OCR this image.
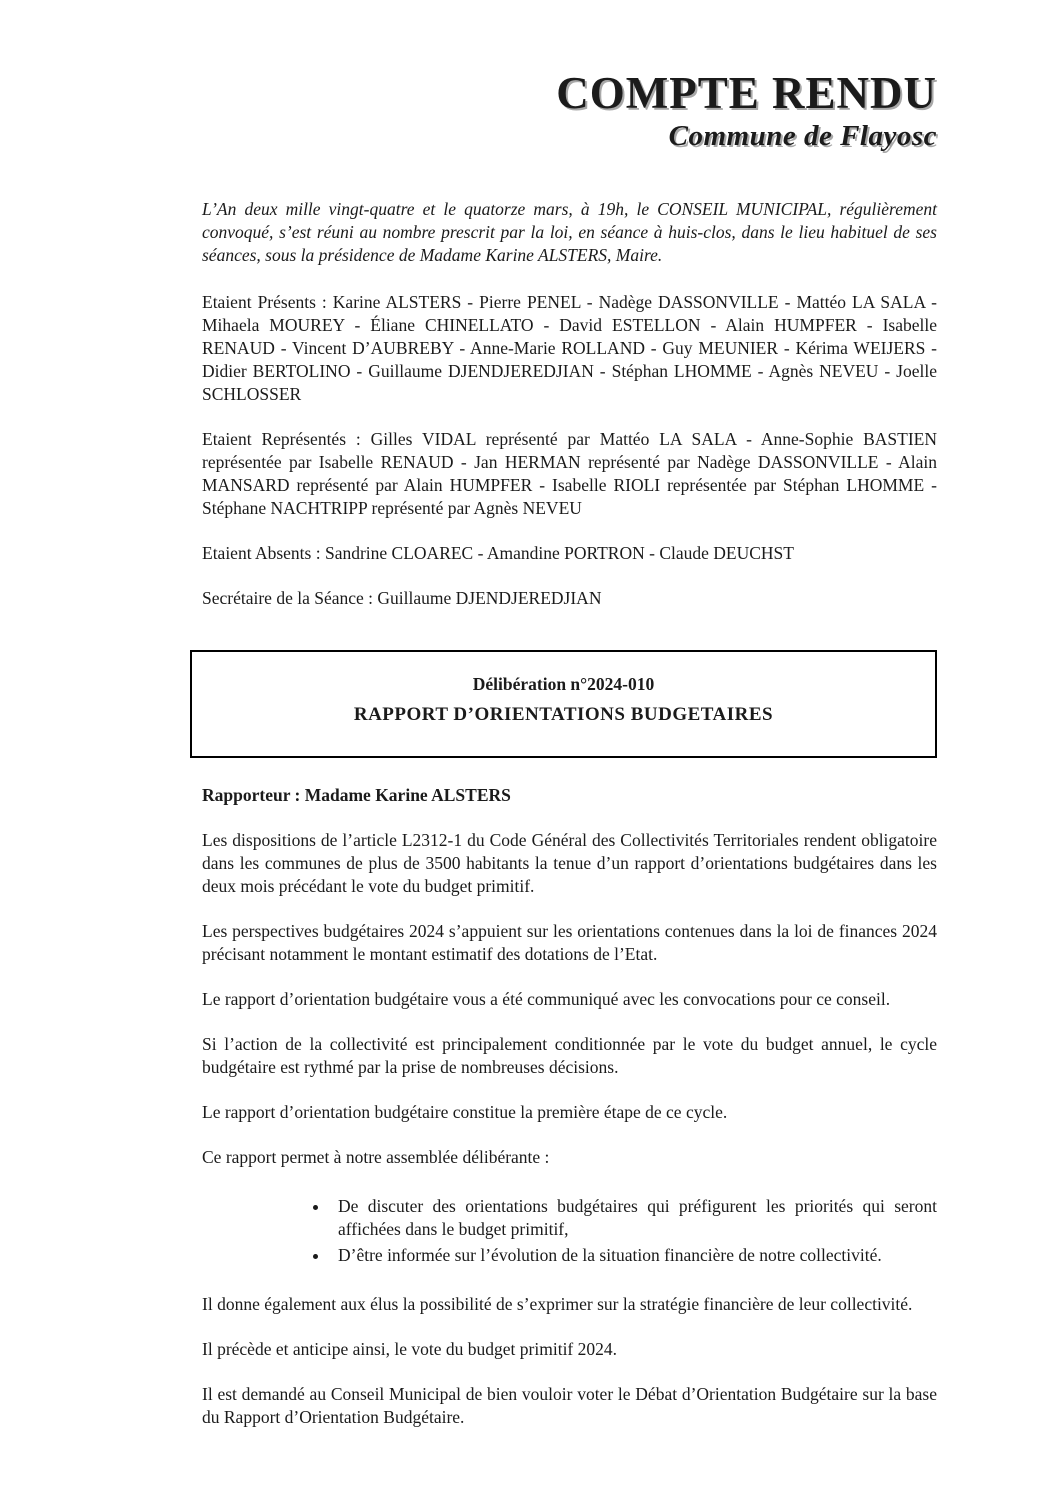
COMPTE RENDU
Commune de Flayosc

L’An deux mille vingt-quatre et le quatorze mars, à 19h, le CONSEIL MUNICIPAL, régulièrement convoqué, s’est réuni au nombre prescrit par la loi, en séance à huis-clos, dans le lieu habituel de ses séances, sous la présidence de Madame Karine ALSTERS, Maire.

Etaient Présents : Karine ALSTERS - Pierre PENEL - Nadège DASSONVILLE - Mattéo LA SALA - Mihaela MOUREY - Éliane CHINELLATO - David ESTELLON - Alain HUMPFER - Isabelle RENAUD - Vincent D’AUBREBY - Anne-Marie ROLLAND - Guy MEUNIER - Kérima WEIJERS - Didier BERTOLINO - Guillaume DJENDJEREDJIAN - Stéphan LHOMME - Agnès NEVEU - Joelle SCHLOSSER

Etaient Représentés : Gilles VIDAL représenté par Mattéo LA SALA - Anne-Sophie BASTIEN représentée par Isabelle RENAUD - Jan HERMAN représenté par Nadège DASSONVILLE - Alain MANSARD représenté par Alain HUMPFER - Isabelle RIOLI représentée par Stéphan LHOMME - Stéphane NACHTRIPP représenté par Agnès NEVEU

Etaient Absents : Sandrine CLOAREC - Amandine PORTRON - Claude DEUCHST

Secrétaire de la Séance : Guillaume DJENDJEREDJIAN

Délibération n°2024-010
RAPPORT D’ORIENTATIONS BUDGETAIRES

Rapporteur : Madame Karine ALSTERS

Les dispositions de l’article L2312-1 du Code Général des Collectivités Territoriales rendent obligatoire dans les communes de plus de 3500 habitants la tenue d’un rapport d’orientations budgétaires dans les deux mois précédant le vote du budget primitif.

Les perspectives budgétaires 2024 s’appuient sur les orientations contenues dans la loi de finances 2024 précisant notamment le montant estimatif des dotations de l’Etat.

Le rapport d’orientation budgétaire vous a été communiqué avec les convocations pour ce conseil.

Si l’action de la collectivité est principalement conditionnée par le vote du budget annuel, le cycle budgétaire est rythmé par la prise de nombreuses décisions.

Le rapport d’orientation budgétaire constitue la première étape de ce cycle.

Ce rapport permet à notre assemblée délibérante :

• De discuter des orientations budgétaires qui préfigurent les priorités qui seront affichées dans le budget primitif,
• D’être informée sur l’évolution de la situation financière de notre collectivité.

Il donne également aux élus la possibilité de s’exprimer sur la stratégie financière de leur collectivité.

Il précède et anticipe ainsi, le vote du budget primitif 2024.

Il est demandé au Conseil Municipal de bien vouloir voter le Débat d’Orientation Budgétaire sur la base du Rapport d’Orientation Budgétaire.
